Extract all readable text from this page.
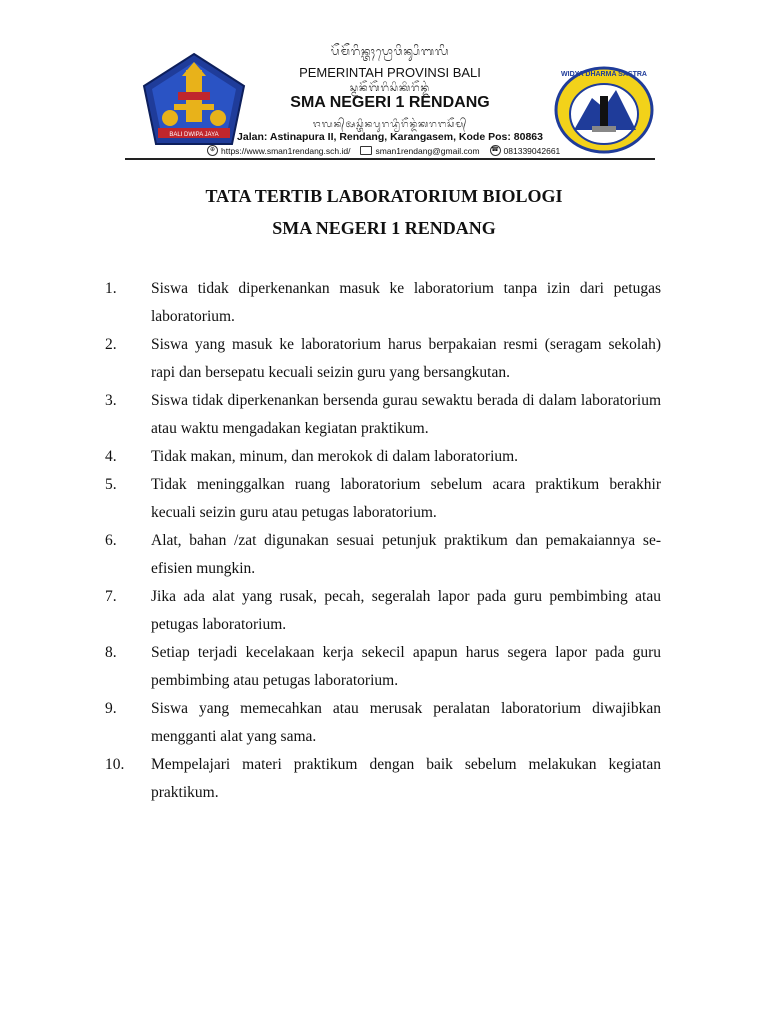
ᬧᭂᬫᭂᬭᬶᬦ᭄ᬢᬄᬧ᭄ᬭᭀᬯᬶᬦ᭄ᬲᬶᬩᬮᬶ
PEMERINTAH PROVINSI BALI
ᬲ᭄ᬫᬦᭂᬕᭂᬭᬶᬲᬶᬓᬶᬭᭂᬦ᭄ᬤᬂ
SMA NEGERI 1 RENDANG
ᬚᬮᬦ᭄ᬅᬲ᭄ᬢᬶᬦᬧᬸᬭᬤ᭄ᬯᬶᬭᭂᬦ᭄ᬤᬂᬓᬭᬗᬲᭂᬫ᭄
Jalan: Astinapura II, Rendang, Karangasem, Kode Pos: 80863
⊕ https://www.sman1rendang.sch.id/	sman1rendang@gmail.com ☎ 081339042661
BALI DWIPA JAYA
WIDYA DHARMA SASTRA
TATA TERTIB LABORATORIUM BIOLOGI
SMA NEGERI 1 RENDANG
1.	Siswa tidak diperkenankan masuk ke laboratorium tanpa izin dari petugas laboratorium.
2.	Siswa yang masuk ke laboratorium harus berpakaian resmi (seragam sekolah) rapi dan bersepatu kecuali seizin guru yang bersangkutan.
3.	Siswa tidak diperkenankan bersenda gurau sewaktu berada di dalam laboratorium atau waktu mengadakan kegiatan praktikum.
4.	Tidak makan, minum, dan merokok di dalam laboratorium.
5.	Tidak meninggalkan ruang laboratorium sebelum acara praktikum berakhir kecuali seizin guru atau petugas laboratorium.
6.	Alat, bahan /zat digunakan sesuai petunjuk praktikum dan pemakaiannya se-efisien mungkin.
7.	Jika ada alat yang rusak, pecah, segeralah lapor pada guru pembimbing atau petugas laboratorium.
8.	Setiap terjadi kecelakaan kerja sekecil apapun harus segera lapor pada guru pembimbing atau petugas laboratorium.
9.	Siswa yang memecahkan atau merusak peralatan laboratorium diwajibkan mengganti alat yang sama.
10.	Mempelajari materi praktikum dengan baik sebelum melakukan kegiatan praktikum.
